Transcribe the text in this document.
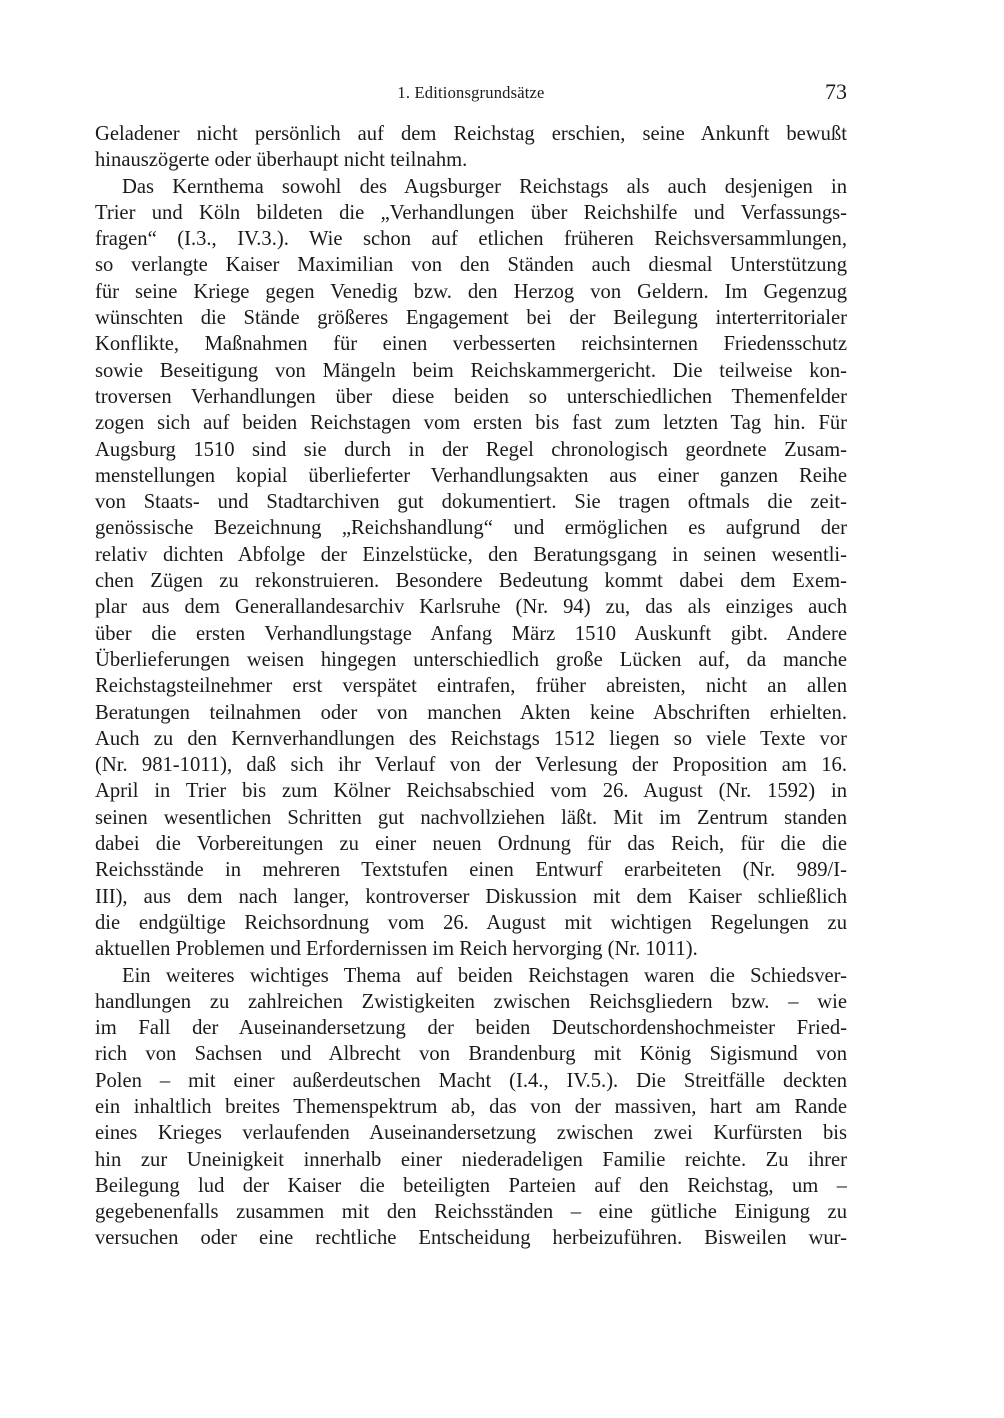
1. Editionsgrundsätze	73
Geladener nicht persönlich auf dem Reichstag erschien, seine Ankunft bewußt
hinauszögerte oder überhaupt nicht teilnahm.
Das Kernthema sowohl des Augsburger Reichstags als auch desjenigen in
Trier und Köln bildeten die „Verhandlungen über Reichshilfe und Verfassungs-
fragen“ (I.3., IV.3.). Wie schon auf etlichen früheren Reichsversammlungen,
so verlangte Kaiser Maximilian von den Ständen auch diesmal Unterstützung
für seine Kriege gegen Venedig bzw. den Herzog von Geldern. Im Gegenzug
wünschten die Stände größeres Engagement bei der Beilegung interterritorialer
Konflikte, Maßnahmen für einen verbesserten reichsinternen Friedensschutz
sowie Beseitigung von Mängeln beim Reichskammergericht. Die teilweise kon-
troversen Verhandlungen über diese beiden so unterschiedlichen Themenfelder
zogen sich auf beiden Reichstagen vom ersten bis fast zum letzten Tag hin. Für
Augsburg 1510 sind sie durch in der Regel chronologisch geordnete Zusam-
menstellungen kopial überlieferter Verhandlungsakten aus einer ganzen Reihe
von Staats- und Stadtarchiven gut dokumentiert. Sie tragen oftmals die zeit-
genössische Bezeichnung „Reichshandlung“ und ermöglichen es aufgrund der
relativ dichten Abfolge der Einzelstücke, den Beratungsgang in seinen wesentli-
chen Zügen zu rekonstruieren. Besondere Bedeutung kommt dabei dem Exem-
plar aus dem Generallandesarchiv Karlsruhe (Nr. 94) zu, das als einziges auch
über die ersten Verhandlungstage Anfang März 1510 Auskunft gibt. Andere
Überlieferungen weisen hingegen unterschiedlich große Lücken auf, da manche
Reichstagsteilnehmer erst verspätet eintrafen, früher abreisten, nicht an allen
Beratungen teilnahmen oder von manchen Akten keine Abschriften erhielten.
Auch zu den Kernverhandlungen des Reichstags 1512 liegen so viele Texte vor
(Nr. 981-1011), daß sich ihr Verlauf von der Verlesung der Proposition am 16.
April in Trier bis zum Kölner Reichsabschied vom 26. August (Nr. 1592) in
seinen wesentlichen Schritten gut nachvollziehen läßt. Mit im Zentrum standen
dabei die Vorbereitungen zu einer neuen Ordnung für das Reich, für die die
Reichsstände in mehreren Textstufen einen Entwurf erarbeiteten (Nr. 989/I-
III), aus dem nach langer, kontroverser Diskussion mit dem Kaiser schließlich
die endgültige Reichsordnung vom 26. August mit wichtigen Regelungen zu
aktuellen Problemen und Erfordernissen im Reich hervorging (Nr. 1011).
Ein weiteres wichtiges Thema auf beiden Reichstagen waren die Schiedsver-
handlungen zu zahlreichen Zwistigkeiten zwischen Reichsgliedern bzw. – wie
im Fall der Auseinandersetzung der beiden Deutschordenshochmeister Fried-
rich von Sachsen und Albrecht von Brandenburg mit König Sigismund von
Polen – mit einer außerdeutschen Macht (I.4., IV.5.). Die Streitfälle deckten
ein inhaltlich breites Themenspektrum ab, das von der massiven, hart am Rande
eines Krieges verlaufenden Auseinandersetzung zwischen zwei Kurfürsten bis
hin zur Uneinigkeit innerhalb einer niederadeligen Familie reichte. Zu ihrer
Beilegung lud der Kaiser die beteiligten Parteien auf den Reichstag, um –
gegebenenfalls zusammen mit den Reichsständen – eine gütliche Einigung zu
versuchen oder eine rechtliche Entscheidung herbeizuführen. Bisweilen wur-
